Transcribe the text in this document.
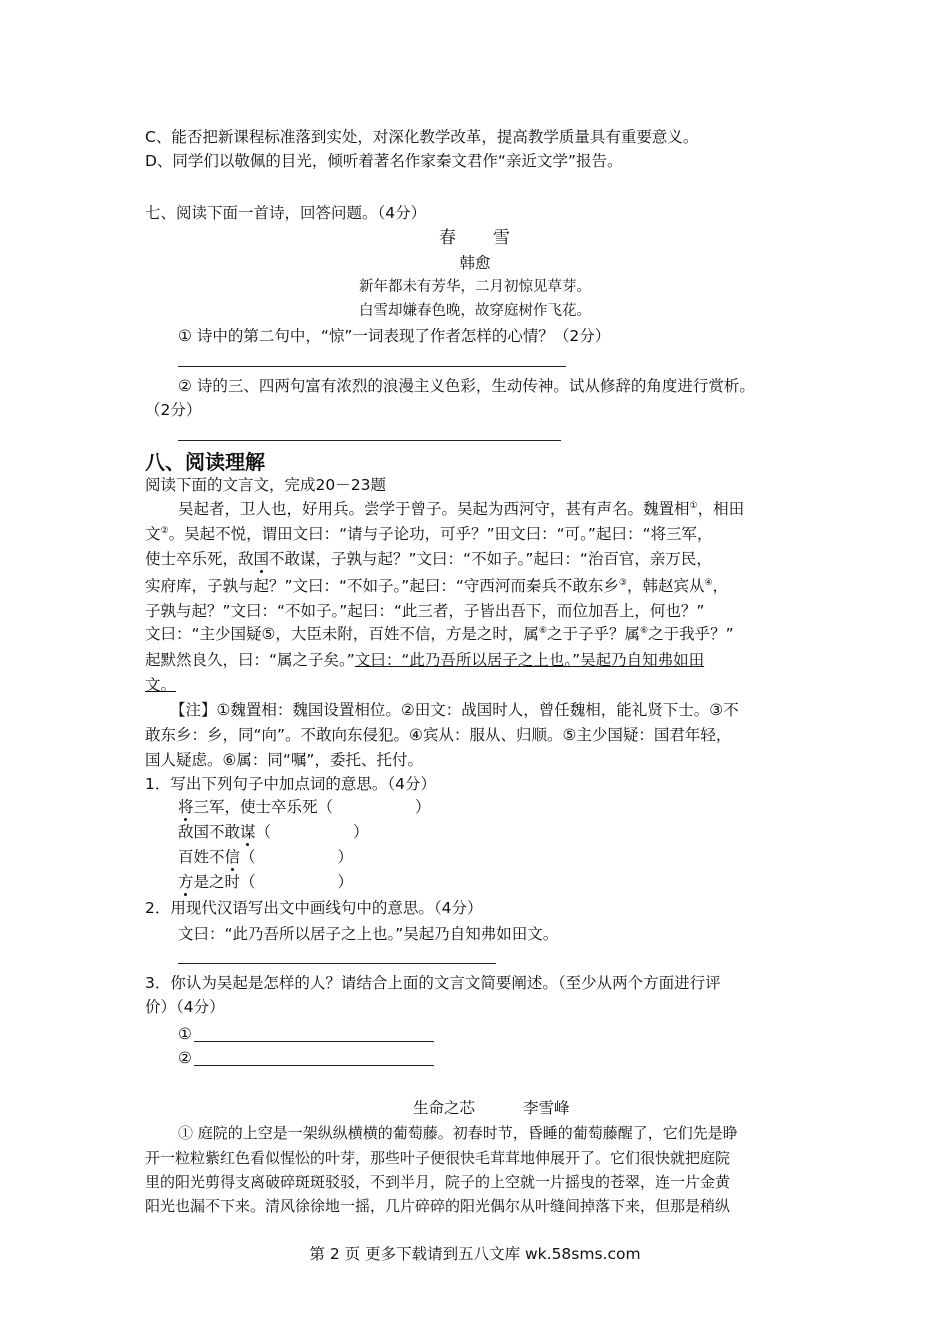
C、能否把新课程标准落到实处，对深化教学改革，提高教学质量具有重要意义。
D、同学们以敬佩的目光，倾听着著名作家秦文君作“亲近文学”报告。
七、阅读下面一首诗，回答问题。（4分）
春　　雪
韩愈
新年都未有芳华，二月初惊见草芽。
白雪却嫌春色晚，故穿庭树作飞花。
① 诗中的第二句中，“惊”一词表现了作者怎样的心情？（2分）
② 诗的三、四两句富有浓烈的浪漫主义色彩，生动传神。试从修辞的角度进行赏析。
（2分）
八、阅读理解
阅读下面的文言文，完成20－23题
吴起者，卫人也，好用兵。尝学于曾子。吴起为西河守，甚有声名。魏置相①，相田
文②。吴起不悦，谓田文曰：“请与子论功，可乎？”田文曰：“可。”起曰：“将三军，
使士卒乐死，敌国不敢谋，子孰与起？”文曰：“不如子。”起曰：“治百官，亲万民，
实府库，子孰与起？”文曰：“不如子。”起曰：“守西河而秦兵不敢东乡③，韩赵宾从④，
子孰与起？”文曰：“不如子。”起曰：“此三者，子皆出吾下，而位加吾上，何也？”
文曰：“主少国疑⑤，大臣未附，百姓不信，方是之时，属⑥之于子乎？属⑥之于我乎？”
起默然良久，曰：“属之子矣。”文曰：“此乃吾所以居子之上也。”吴起乃自知弗如田
文。
【注】①魏置相：魏国设置相位。②田文：战国时人，曾任魏相，能礼贤下士。③不
敢东乡：乡，同“向”。不敢向东侵犯。④宾从：服从、归顺。⑤主少国疑：国君年轻，
国人疑虑。⑥属：同“嘱”，委托、托付。
1．写出下列句子中加点词的意思。（4分）
将三军，使士卒乐死（	）
敌国不敢谋（	）
百姓不信（	）
方是之时（	）
2．用现代汉语写出文中画线句中的意思。（4分）
文曰：“此乃吾所以居子之上也。”吴起乃自知弗如田文。
3．你认为吴起是怎样的人？请结合上面的文言文简要阐述。（至少从两个方面进行评
价）（4分）
①
②
生命之芯	李雪峰
① 庭院的上空是一架纵纵横横的葡萄藤。初春时节，昏睡的葡萄藤醒了，它们先是睁
开一粒粒紫红色看似惺忪的叶芽，那些叶子便很快毛茸茸地伸展开了。它们很快就把庭院
里的阳光剪得支离破碎斑斑驳驳，不到半月，院子的上空就一片摇曳的苍翠，连一片金黄
阳光也漏不下来。清风徐徐地一摇，几片碎碎的阳光偶尔从叶缝间掉落下来，但那是稍纵
第 2 页 更多下载请到五八文库 wk.58sms.com
